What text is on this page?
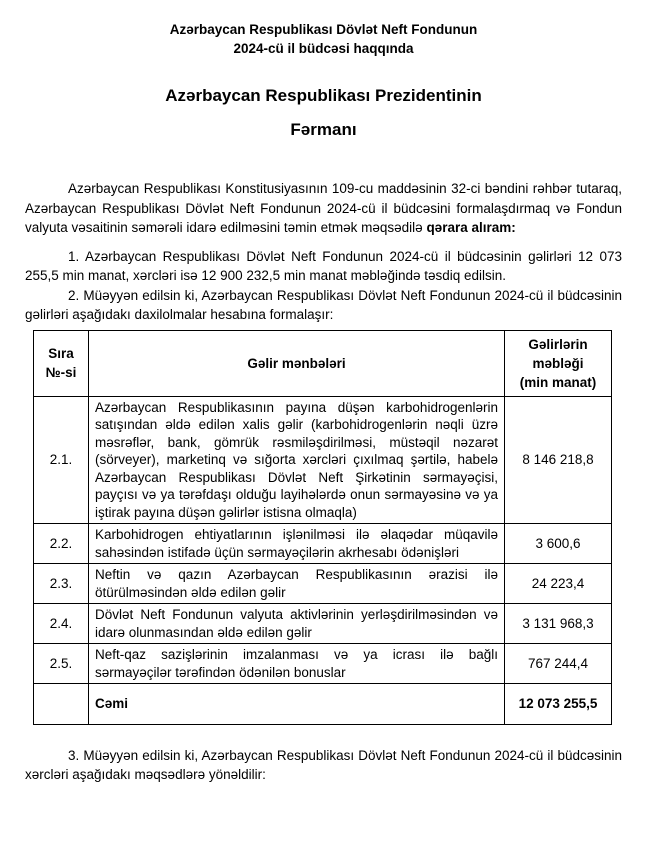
Azərbaycan Respublikası Dövlət Neft Fondunun
2024-cü il büdcəsi haqqında
Azərbaycan Respublikası Prezidentinin
Fərmanı

Azərbaycan Respublikası Konstitusiyasının 109-cu maddəsinin 32-ci bəndini rəhbər tutaraq, Azərbaycan Respublikası Dövlət Neft Fondunun 2024-cü il büdcəsini formalaşdırmaq və Fondun valyuta vəsaitinin səmərəli idarə edilməsini təmin etmək məqsədilə qərara alıram:

1. Azərbaycan Respublikası Dövlət Neft Fondunun 2024-cü il büdcəsinin gəlirləri 12 073 255,5 min manat, xərcləri isə 12 900 232,5 min manat məbləğində təsdiq edilsin.

2. Müəyyən edilsin ki, Azərbaycan Respublikası Dövlət Neft Fondunun 2024-cü il büdcəsinin gəlirləri aşağıdakı daxilolmalar hesabına formalaşır:

Sıra
№-si	Gəlir mənbələri	Gəlirlərin
məbləği
(min manat)

2.1.	Azərbaycan Respublikasının payına düşən karbohidrogenlərin satışından əldə edilən xalis gəlir (karbohidrogenlərin nəqli üzrə məsrəflər, bank, gömrük rəsmiləşdirilməsi, müstəqil nəzarət (sörveyer), marketinq və sığorta xərcləri çıxılmaq şərtilə, habelə Azərbaycan Respublikası Dövlət Neft Şirkətinin sərmayəçisi, payçısı və ya tərəfdaşı olduğu layihələrdə onun sərmayəsinə və ya iştirak payına düşən gəlirlər istisna olmaqla)	8 146 218,8
2.2.	Karbohidrogen ehtiyatlarının işlənilməsi ilə əlaqədar müqavilə sahəsindən istifadə üçün sərmayəçilərin akrhesabı ödənişləri	3 600,6
2.3.	Neftin və qazın Azərbaycan Respublikasının ərazisi ilə ötürülməsindən əldə edilən gəlir	24 223,4
2.4.	Dövlət Neft Fondunun valyuta aktivlərinin yerləşdirilməsindən və idarə olunmasından əldə edilən gəlir	3 131 968,3
2.5.	Neft-qaz sazişlərinin imzalanması və ya icrası ilə bağlı sərmayəçilər tərəfindən ödənilən bonuslar	767 244,4
	Cəmi	12 073 255,5

3. Müəyyən edilsin ki, Azərbaycan Respublikası Dövlət Neft Fondunun 2024-cü il büdcəsinin xərcləri aşağıdakı məqsədlərə yönəldilir:
